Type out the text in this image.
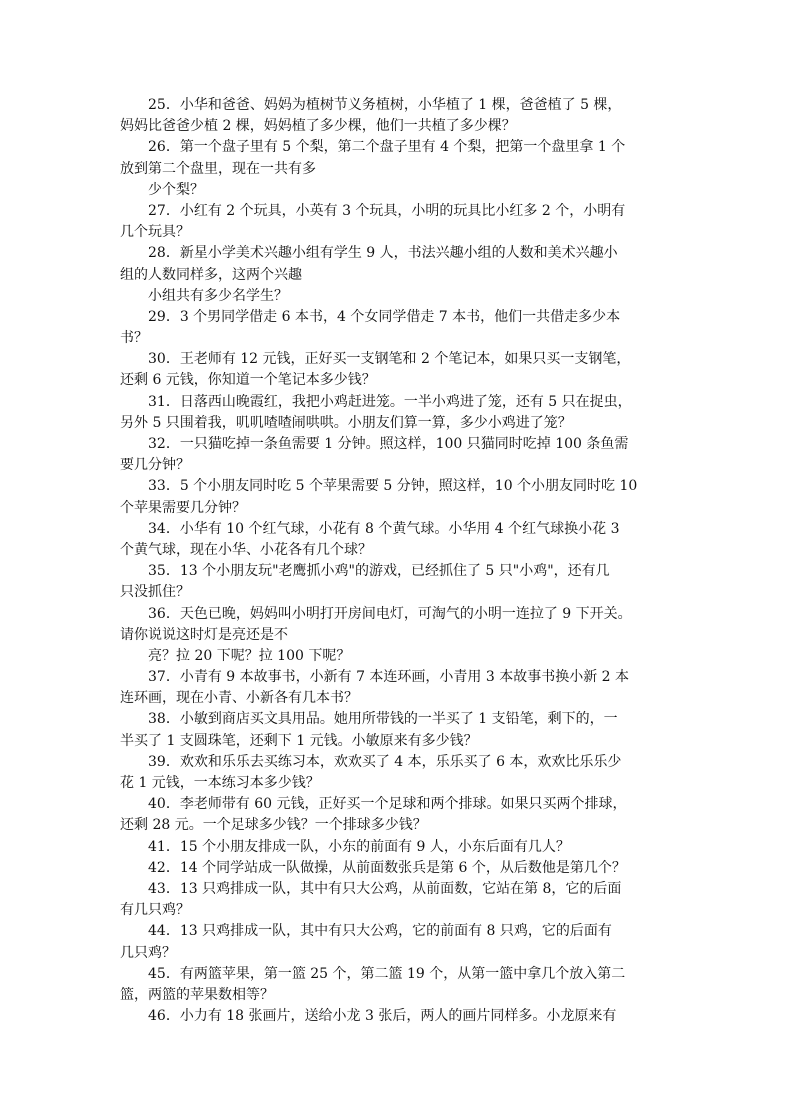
25．小华和爸爸、妈妈为植树节义务植树，小华植了 1 棵，爸爸植了 5 棵，
妈妈比爸爸少植 2 棵，妈妈植了多少棵，他们一共植了多少棵？
26．第一个盘子里有 5 个梨，第二个盘子里有 4 个梨，把第一个盘里拿 1 个
放到第二个盘里，现在一共有多
少个梨？
27．小红有 2 个玩具，小英有 3 个玩具，小明的玩具比小红多 2 个，小明有
几个玩具？
28．新星小学美术兴趣小组有学生 9 人，书法兴趣小组的人数和美术兴趣小
组的人数同样多，这两个兴趣
小组共有多少名学生？
29．3 个男同学借走 6 本书，4 个女同学借走 7 本书，他们一共借走多少本
书？
30．王老师有 12 元钱，正好买一支钢笔和 2 个笔记本，如果只买一支钢笔，
还剩 6 元钱，你知道一个笔记本多少钱？
31．日落西山晚霞红，我把小鸡赶进笼。一半小鸡进了笼，还有 5 只在捉虫，
另外 5 只围着我，叽叽喳喳闹哄哄。小朋友们算一算，多少小鸡进了笼？
32．一只猫吃掉一条鱼需要 1 分钟。照这样，100 只猫同时吃掉 100 条鱼需
要几分钟？
33．5 个小朋友同时吃 5 个苹果需要 5 分钟，照这样，10 个小朋友同时吃 10
个苹果需要几分钟？
34．小华有 10 个红气球，小花有 8 个黄气球。小华用 4 个红气球换小花 3
个黄气球，现在小华、小花各有几个球？
35．13 个小朋友玩"老鹰抓小鸡"的游戏，已经抓住了 5 只"小鸡"，还有几
只没抓住？
36．天色已晚，妈妈叫小明打开房间电灯，可淘气的小明一连拉了 9 下开关。
请你说说这时灯是亮还是不
亮？拉 20 下呢？拉 100 下呢？
37．小青有 9 本故事书，小新有 7 本连环画，小青用 3 本故事书换小新 2 本
连环画，现在小青、小新各有几本书？
38．小敏到商店买文具用品。她用所带钱的一半买了 1 支铅笔，剩下的，一
半买了 1 支圆珠笔，还剩下 1 元钱。小敏原来有多少钱？
39．欢欢和乐乐去买练习本，欢欢买了 4 本，乐乐买了 6 本，欢欢比乐乐少
花 1 元钱，一本练习本多少钱？
40．李老师带有 60 元钱，正好买一个足球和两个排球。如果只买两个排球，
还剩 28 元。一个足球多少钱？一个排球多少钱？
41．15 个小朋友排成一队，小东的前面有 9 人，小东后面有几人？
42．14 个同学站成一队做操，从前面数张兵是第 6 个，从后数他是第几个？
43．13 只鸡排成一队，其中有只大公鸡，从前面数，它站在第 8，它的后面
有几只鸡？
44．13 只鸡排成一队，其中有只大公鸡，它的前面有 8 只鸡，它的后面有
几只鸡？
45．有两篮苹果，第一篮 25 个，第二篮 19 个，从第一篮中拿几个放入第二
篮，两篮的苹果数相等？
46．小力有 18 张画片，送给小龙 3 张后，两人的画片同样多。小龙原来有
